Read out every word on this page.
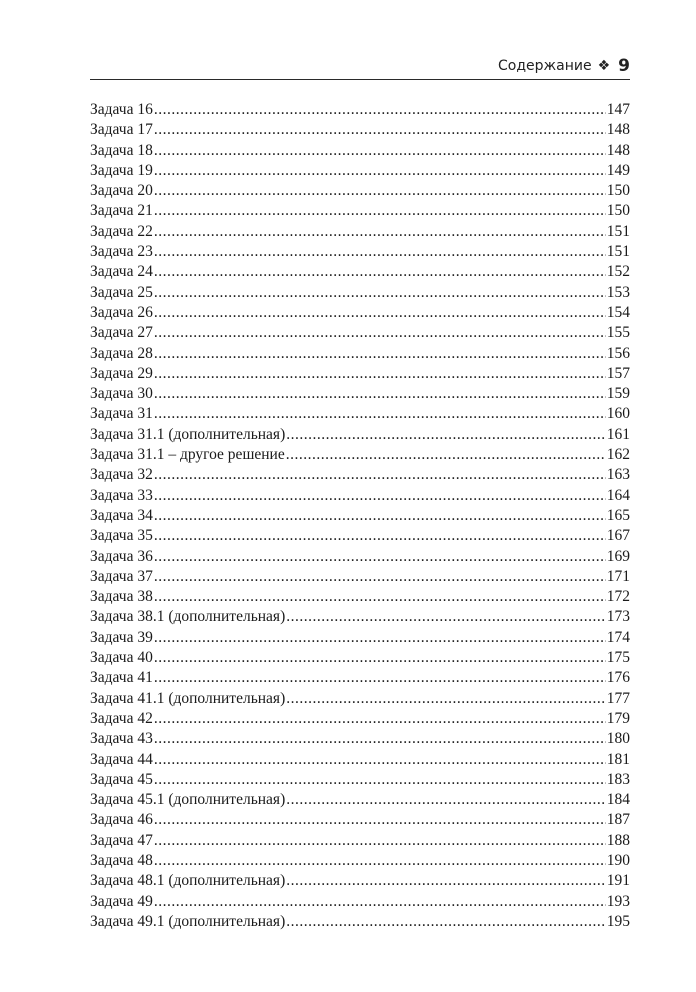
Содержание ❖ 9
Задача 16 .....	147
Задача 17 .....	148
Задача 18 .....	148
Задача 19 .....	149
Задача 20 .....	150
Задача 21 .....	150
Задача 22 .....	151
Задача 23 .....	151
Задача 24 .....	152
Задача 25 .....	153
Задача 26 .....	154
Задача 27 .....	155
Задача 28 .....	156
Задача 29 .....	157
Задача 30 .....	159
Задача 31 .....	160
Задача 31.1 (дополнительная) .....	161
Задача 31.1 – другое решение .....	162
Задача 32 .....	163
Задача 33 .....	164
Задача 34 .....	165
Задача 35 .....	167
Задача 36 .....	169
Задача 37 .....	171
Задача 38 .....	172
Задача 38.1 (дополнительная) .....	173
Задача 39 .....	174
Задача 40 .....	175
Задача 41 .....	176
Задача 41.1 (дополнительная) .....	177
Задача 42 .....	179
Задача 43 .....	180
Задача 44 .....	181
Задача 45 .....	183
Задача 45.1 (дополнительная) .....	184
Задача 46 .....	187
Задача 47 .....	188
Задача 48 .....	190
Задача 48.1 (дополнительная) .....	191
Задача 49 .....	193
Задача 49.1 (дополнительная) .....	195
